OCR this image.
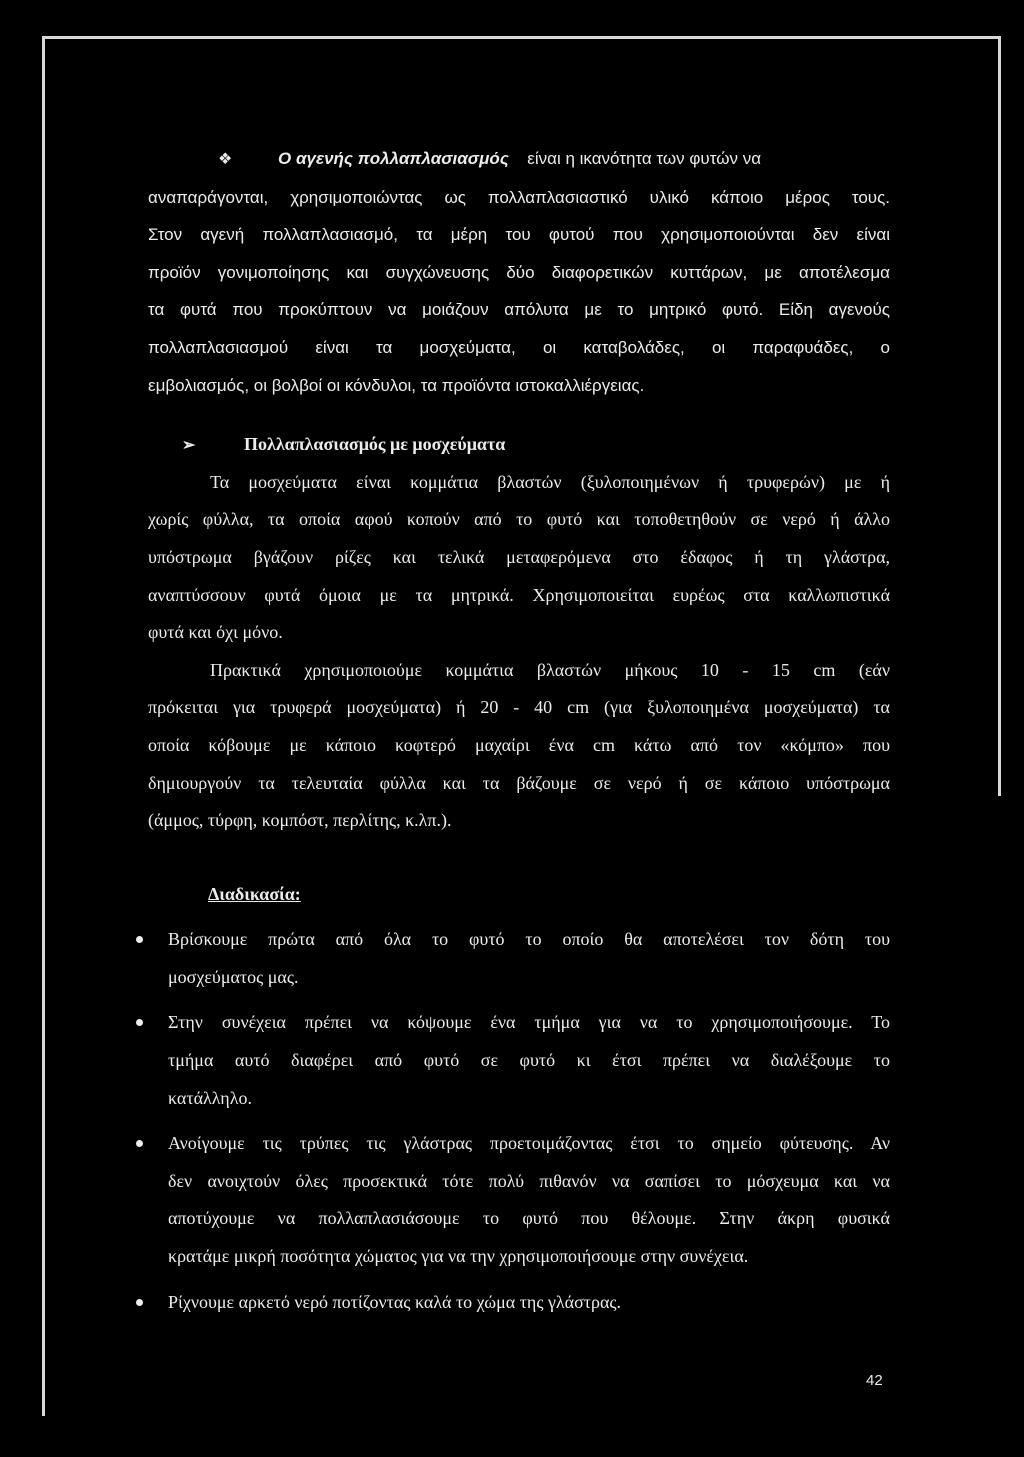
❖	Ο αγενής πολλαπλασιασμός είναι η ικανότητα των φυτών να
αναπαράγονται, χρησιμοποιώντας ως πολλαπλασιαστικό υλικό κάποιο μέρος τους.
Στον αγενή πολλαπλασιασμό, τα μέρη του φυτού που χρησιμοποιούνται δεν είναι
προϊόν γονιμοποίησης και συγχώνευσης δύο διαφορετικών κυττάρων, με αποτέλεσμα
τα φυτά που προκύπτουν να μοιάζουν απόλυτα με το μητρικό φυτό. Είδη αγενούς
πολλαπλασιασμού είναι τα μοσχεύματα, οι καταβολάδες, οι παραφυάδες, ο
εμβολιασμός, οι βολβοί οι κόνδυλοι, τα προϊόντα ιστοκαλλιέργειας.
➢	Πολλαπλασιασμός με μοσχεύματα
Τα μοσχεύματα είναι κομμάτια βλαστών (ξυλοποιημένων ή τρυφερών) με ή
χωρίς φύλλα, τα οποία αφού κοπούν από το φυτό και τοποθετηθούν σε νερό ή άλλο
υπόστρωμα βγάζουν ρίζες και τελικά μεταφερόμενα στο έδαφος ή τη γλάστρα,
αναπτύσσουν φυτά όμοια με τα μητρικά. Χρησιμοποιείται ευρέως στα καλλωπιστικά
φυτά και όχι μόνο.
Πρακτικά χρησιμοποιούμε κομμάτια βλαστών μήκους 10 - 15 cm (εάν
πρόκειται για τρυφερά μοσχεύματα) ή 20 - 40 cm (για ξυλοποιημένα μοσχεύματα) τα
οποία κόβουμε με κάποιο κοφτερό μαχαίρι ένα cm κάτω από τον «κόμπο» που
δημιουργούν τα τελευταία φύλλα και τα βάζουμε σε νερό ή σε κάποιο υπόστρωμα
(άμμος, τύρφη, κομπόστ, περλίτης, κ.λπ.).
Διαδικασία:
Βρίσκουμε πρώτα από όλα το φυτό το οποίο θα αποτελέσει τον δότη του
μοσχεύματος μας.
Στην συνέχεια πρέπει να κόψουμε ένα τμήμα για να το χρησιμοποιήσουμε. Το
τμήμα αυτό διαφέρει από φυτό σε φυτό κι έτσι πρέπει να διαλέξουμε το
κατάλληλο.
Ανοίγουμε τις τρύπες τις γλάστρας προετοιμάζοντας έτσι το σημείο φύτευσης. Αν
δεν ανοιχτούν όλες προσεκτικά τότε πολύ πιθανόν να σαπίσει το μόσχευμα και να
αποτύχουμε να πολλαπλασιάσουμε το φυτό που θέλουμε. Στην άκρη φυσικά
κρατάμε μικρή ποσότητα χώματος για να την χρησιμοποιήσουμε στην συνέχεια.
Ρίχνουμε αρκετό νερό ποτίζοντας καλά το χώμα της γλάστρας.
42
